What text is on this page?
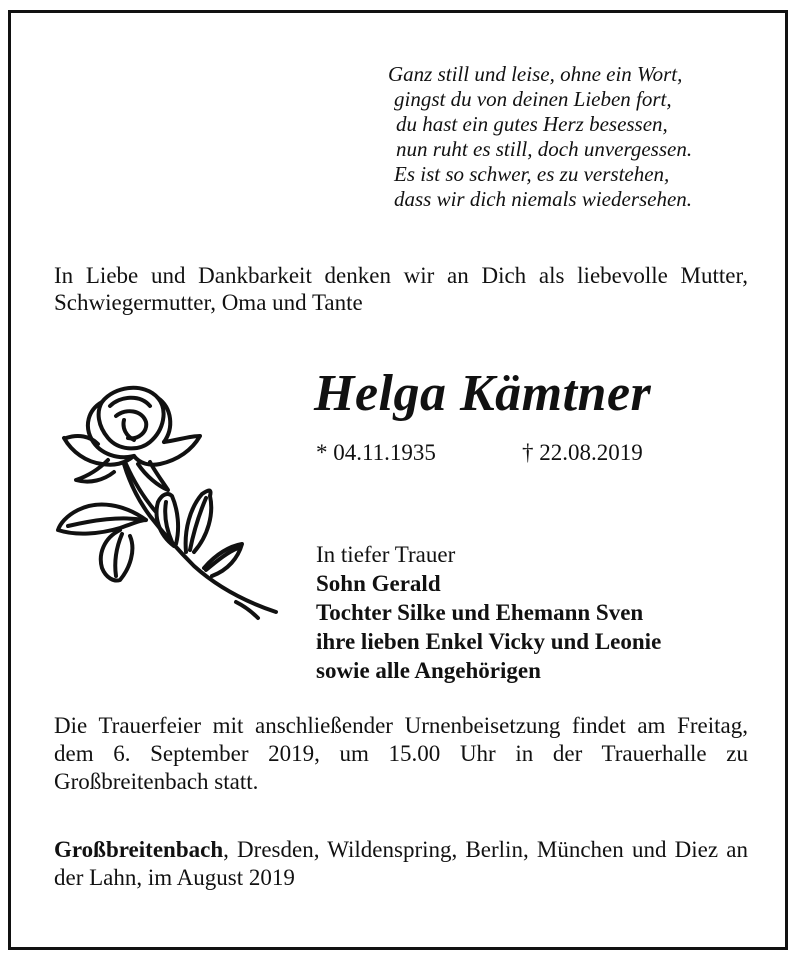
Ganz still und leise, ohne ein Wort,
gingst du von deinen Lieben fort,
du hast ein gutes Herz besessen,
nun ruht es still, doch unvergessen.
Es ist so schwer, es zu verstehen,
dass wir dich niemals wiedersehen.
In Liebe und Dankbarkeit denken wir an Dich als liebevolle Mutter, Schwiegermutter, Oma und Tante
Helga Kämtner
* 04.11.1935	† 22.08.2019
In tiefer Trauer
Sohn Gerald
Tochter Silke und Ehemann Sven
ihre lieben Enkel Vicky und Leonie
sowie alle Angehörigen
Die Trauerfeier mit anschließender Urnenbeisetzung findet am Freitag, dem 6. September 2019, um 15.00 Uhr in der Trauerhalle zu Großbreitenbach statt.
Großbreitenbach, Dresden, Wildenspring, Berlin, München und Diez an der Lahn, im August 2019
